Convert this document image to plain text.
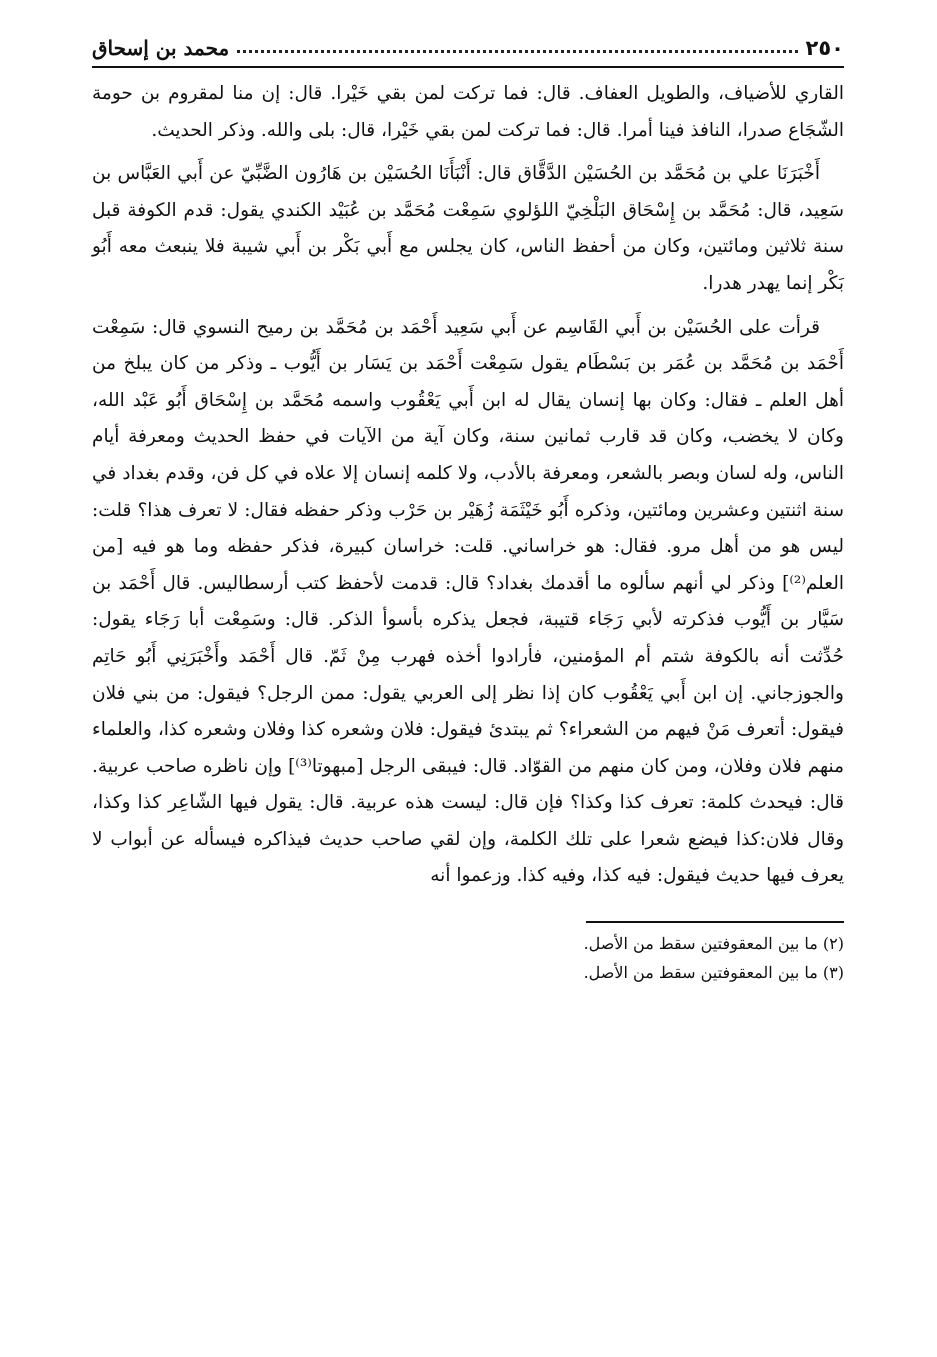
٢٥٠
محمد بن إسحاق

القاري للأضياف، والطويل العفاف. قال: فما تركت لمن بقي خَيْرا. قال: إن منا لمقروم بن حومة الشّجَاع صدرا، النافذ فينا أمرا. قال: فما تركت لمن بقي خَيْرا، قال: بلى والله. وذكر الحديث.

أَخْبَرَنَا علي بن مُحَمَّد بن الحُسَيْن الدَّقَّاق قال: أَنْبَأَنَا الحُسَيْن بن هَارُون الضَّبِّيّ عن أَبي العَبَّاس بن سَعِيد، قال: مُحَمَّد بن إِسْحَاق البَلْخِيّ اللؤلوي سَمِعْت مُحَمَّد بن عُبَيْد الكندي يقول: قدم الكوفة قبل سنة ثلاثين ومائتين، وكان من أحفظ الناس، كان يجلس مع أَبي بَكْر بن أَبي شيبة فلا ينبعث معه أَبُو بَكْر إنما يهدر هدرا.

قرأت على الحُسَيْن بن أَبي القَاسِم عن أَبي سَعِيد أَحْمَد بن مُحَمَّد بن رميح النسوي قال: سَمِعْت أَحْمَد بن مُحَمَّد بن عُمَر بن بَسْطَام يقول سَمِعْت أَحْمَد بن يَسَار بن أَيُّوب ـ وذكر من كان يبلخ من أهل العلم ـ فقال: وكان بها إنسان يقال له ابن أَبي يَعْقُوب واسمه مُحَمَّد بن إِسْحَاق أَبُو عَبْد الله، وكان لا يخضب، وكان قد قارب ثمانين سنة، وكان آية من الآيات في حفظ الحديث ومعرفة أيام الناس، وله لسان وبصر بالشعر، ومعرفة بالأدب، ولا كلمه إنسان إلا علاه في كل فن، وقدم بغداد في سنة اثنتين وعشرين ومائتين، وذكره أَبُو خَيْثَمَة زُهَيْر بن حَرْب وذكر حفظه فقال: لا تعرف هذا؟ قلت: ليس هو من أهل مرو. فقال: هو خراساني. قلت: خراسان كبيرة، فذكر حفظه وما هو فيه [من العلم⁽²⁾] وذكر لي أنهم سألوه ما أقدمك بغداد؟ قال: قدمت لأحفظ كتب أرسطاليس. قال أَحْمَد بن سَيَّار بن أَيُّوب فذكرته لأبي رَجَاء قتيبة، فجعل يذكره بأسوأ الذكر. قال: وسَمِعْت أبا رَجَاء يقول: حُدِّثت أنه بالكوفة شتم أم المؤمنين، فأرادوا أخذه فهرب مِنْ ثَمّ. قال أَحْمَد وأَخْبَرَنِي أَبُو حَاتِم والجوزجاني. إن ابن أَبي يَعْقُوب كان إذا نظر إلى العربي يقول: ممن الرجل؟ فيقول: من بني فلان فيقول: أتعرف مَنْ فيهم من الشعراء؟ ثم يبتدئ فيقول: فلان وشعره كذا وفلان وشعره كذا، والعلماء منهم فلان وفلان، ومن كان منهم من القوّاد. قال: فيبقى الرجل [مبهوتا⁽³⁾] وإن ناظره صاحب عربية. قال: فيحدث كلمة: تعرف كذا وكذا؟ فإن قال: ليست هذه عربية. قال: يقول فيها الشّاعِر كذا وكذا، وقال فلان:كذا فيضع شعرا على تلك الكلمة، وإن لقي صاحب حديث فيذاكره فيسأله عن أبواب لا يعرف فيها حديث فيقول: فيه كذا، وفيه كذا. وزعموا أنه

(٢) ما بين المعقوفتين سقط من الأصل.
(٣) ما بين المعقوفتين سقط من الأصل.
